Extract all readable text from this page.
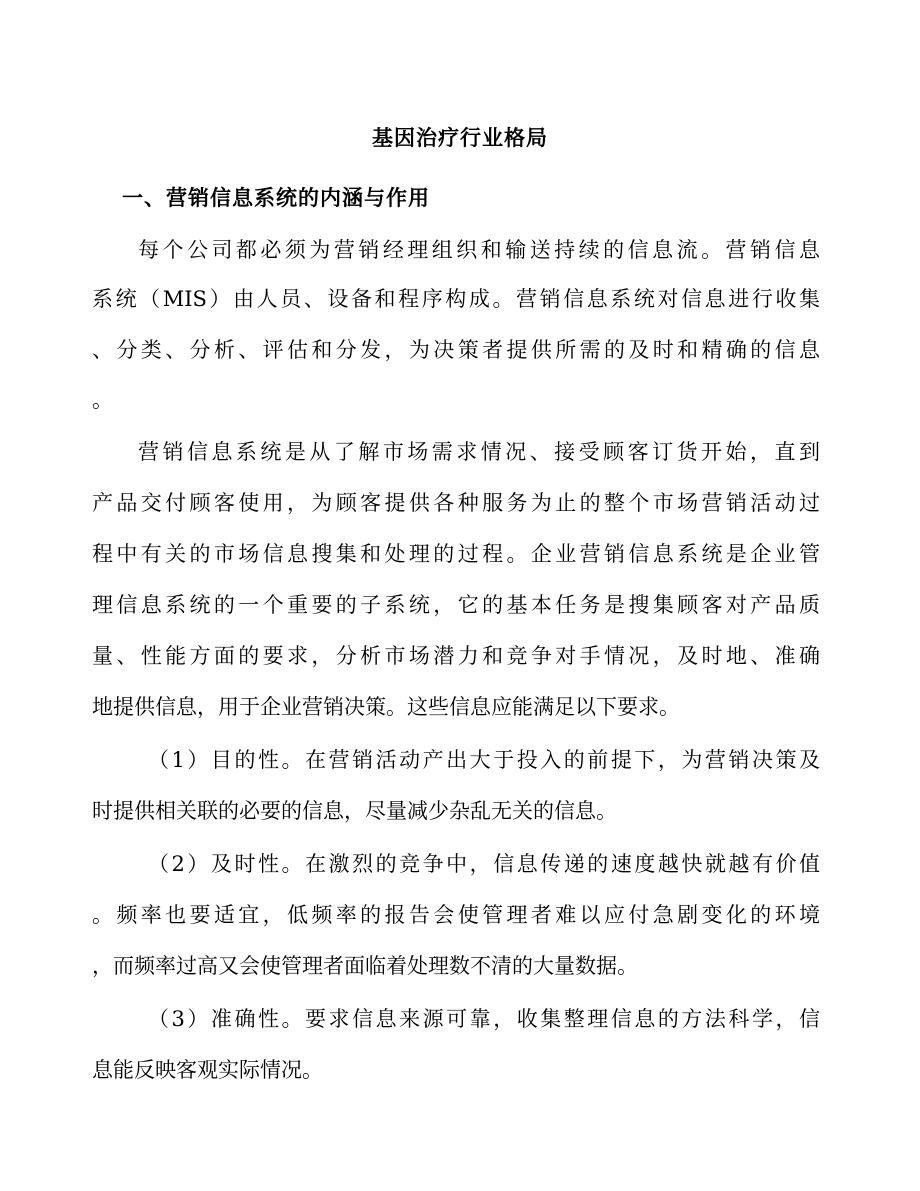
基因治疗行业格局
一、营销信息系统的内涵与作用
每个公司都必须为营销经理组织和输送持续的信息流。营销信息
系统（MIS）由人员、设备和程序构成。营销信息系统对信息进行收集
、分类、分析、评估和分发，为决策者提供所需的及时和精确的信息
。
营销信息系统是从了解市场需求情况、接受顾客订货开始，直到
产品交付顾客使用，为顾客提供各种服务为止的整个市场营销活动过
程中有关的市场信息搜集和处理的过程。企业营销信息系统是企业管
理信息系统的一个重要的子系统，它的基本任务是搜集顾客对产品质
量、性能方面的要求，分析市场潜力和竞争对手情况，及时地、准确
地提供信息，用于企业营销决策。这些信息应能满足以下要求。
（1）目的性。在营销活动产出大于投入的前提下，为营销决策及
时提供相关联的必要的信息，尽量减少杂乱无关的信息。
（2）及时性。在激烈的竞争中，信息传递的速度越快就越有价值
。频率也要适宜，低频率的报告会使管理者难以应付急剧变化的环境
，而频率过高又会使管理者面临着处理数不清的大量数据。
（3）准确性。要求信息来源可靠，收集整理信息的方法科学，信
息能反映客观实际情况。
